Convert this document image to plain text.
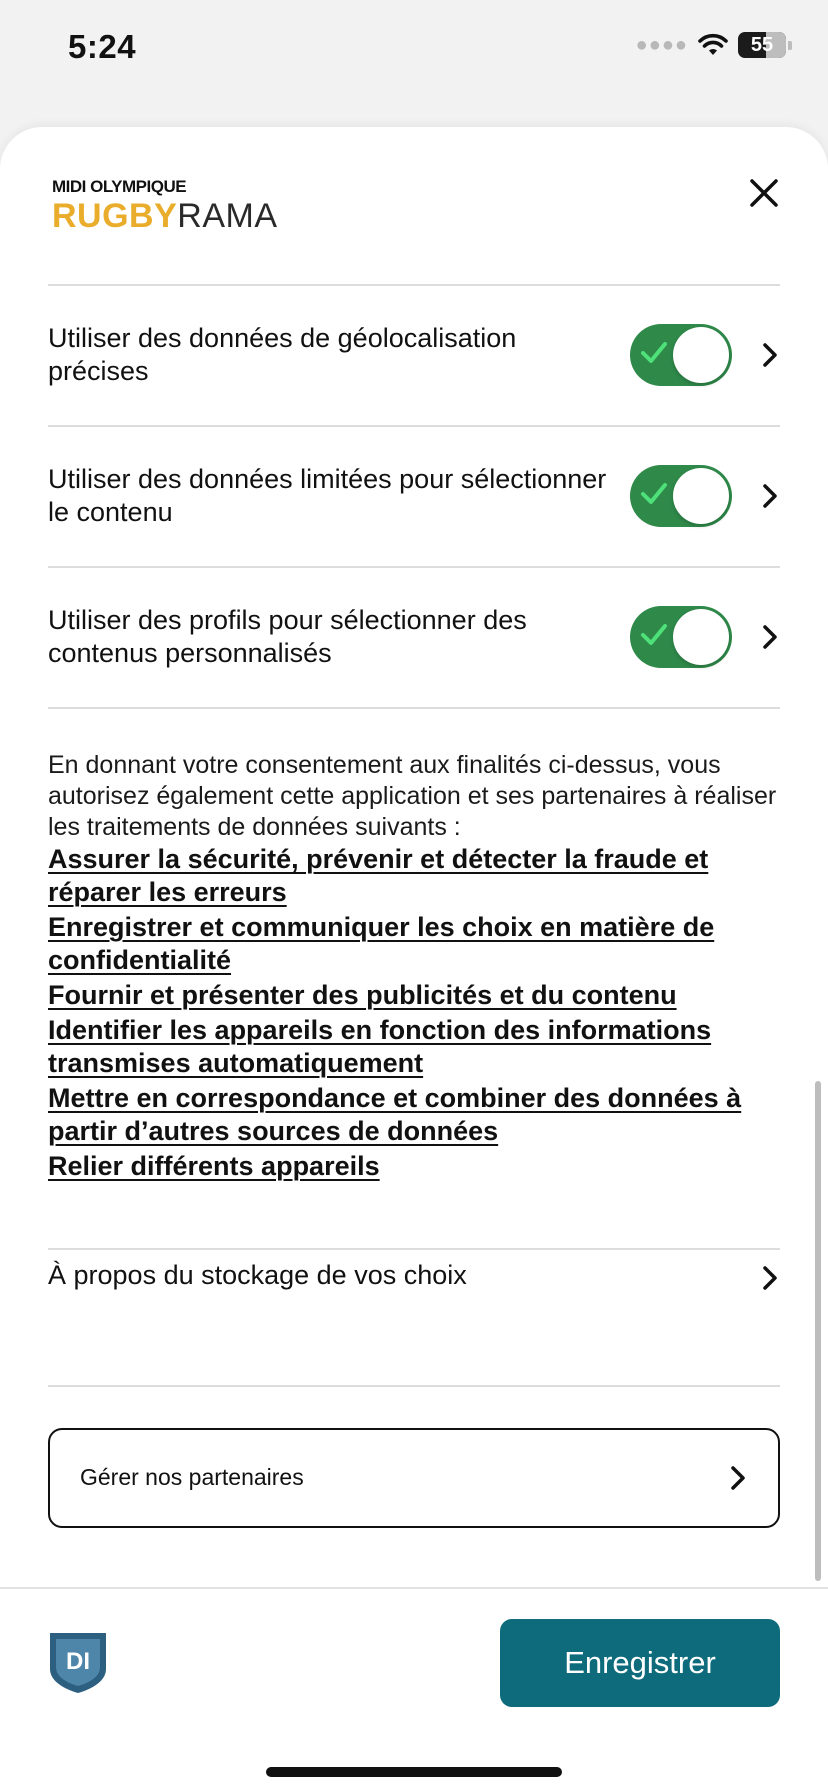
5:24	●●●●	55
MIDI OLYMPIQUE
RUGBYRAMA
Utiliser des données de géolocalisation précises
Utiliser des données limitées pour sélectionner le contenu
Utiliser des profils pour sélectionner des contenus personnalisés
En donnant votre consentement aux finalités ci-dessus, vous autorisez également cette application et ses partenaires à réaliser les traitements de données suivants :
Assurer la sécurité, prévenir et détecter la fraude et réparer les erreurs
Enregistrer et communiquer les choix en matière de confidentialité
Fournir et présenter des publicités et du contenu
Identifier les appareils en fonction des informations transmises automatiquement
Mettre en correspondance et combiner des données à partir d’autres sources de données
Relier différents appareils
À propos du stockage de vos choix
Gérer nos partenaires
DI	Enregistrer
